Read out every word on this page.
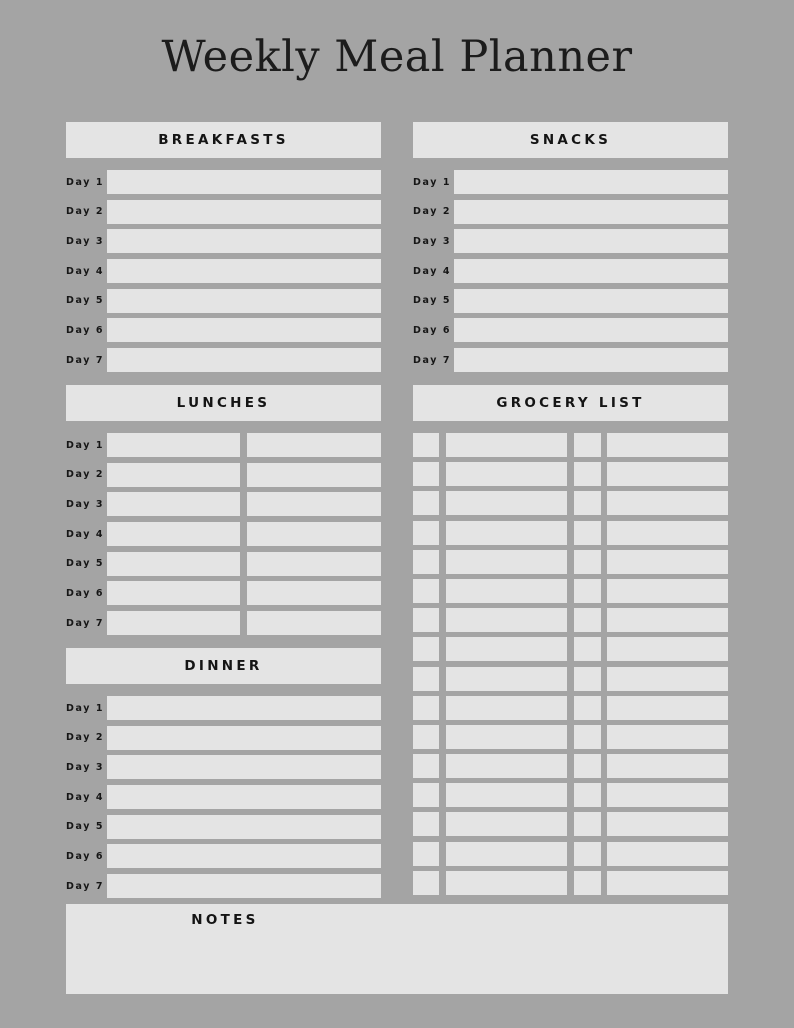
Weekly Meal Planner
BREAKFASTS	SNACKS
LUNCHES	GROCERY LIST
DINNER
Day 1
Day 2
Day 3
Day 4
Day 5
Day 6
Day 7
Day 1
Day 2
Day 3
Day 4
Day 5
Day 6
Day 7
Day 1
Day 2
Day 3
Day 4
Day 5
Day 6
Day 7
Day 1
Day 2
Day 3
Day 4
Day 5
Day 6
Day 7
NOTES
